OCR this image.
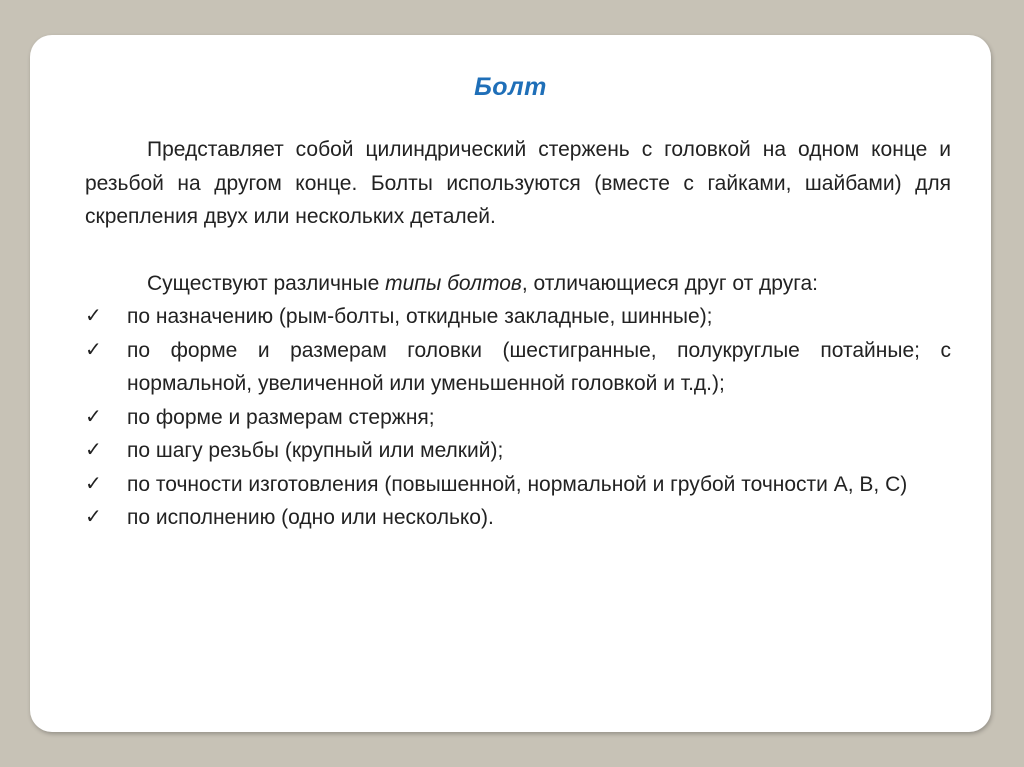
Болт

Представляет собой цилиндрический стержень с головкой на одном конце и резьбой на другом конце. Болты используются (вместе с гайками, шайбами) для скрепления двух или нескольких деталей.

Существуют различные типы болтов, отличающиеся друг от друга:

✓ по назначению (рым-болты, откидные закладные, шинные);
✓ по форме и размерам головки (шестигранные, полукруглые потайные; с нормальной, увеличенной или уменьшенной головкой и т.д.);
✓ по форме и размерам стержня;
✓ по шагу резьбы (крупный или мелкий);
✓ по точности изготовления (повышенной, нормальной и грубой точности А, В, С)
✓ по исполнению (одно или несколько).
